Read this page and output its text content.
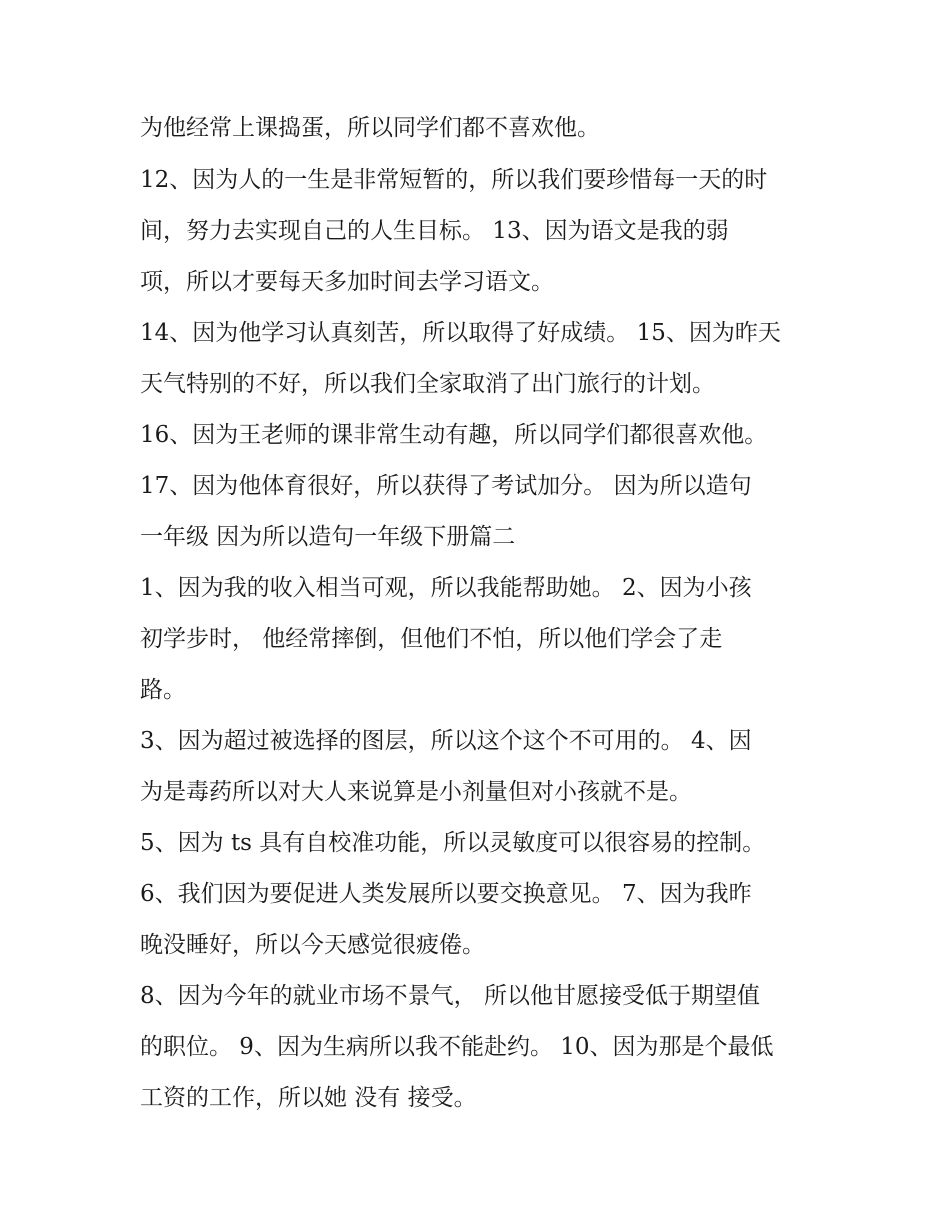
为他经常上课捣蛋，所以同学们都不喜欢他。
12、因为人的一生是非常短暂的，所以我们要珍惜每一天的时
间，努力去实现自己的人生目标。 13、因为语文是我的弱
项，所以才要每天多加时间去学习语文。
14、因为他学习认真刻苦，所以取得了好成绩。 15、因为昨天
天气特别的不好，所以我们全家取消了出门旅行的计划。
16、因为王老师的课非常生动有趣，所以同学们都很喜欢他。
17、因为他体育很好，所以获得了考试加分。 因为所以造句
一年级 因为所以造句一年级下册篇二
1、因为我的收入相当可观，所以我能帮助她。 2、因为小孩
初学步时， 他经常摔倒，但他们不怕，所以他们学会了走
路。
3、因为超过被选择的图层，所以这个这个不可用的。 4、因
为是毒药所以对大人来说算是小剂量但对小孩就不是。
5、因为 ts 具有自校准功能，所以灵敏度可以很容易的控制。
6、我们因为要促进人类发展所以要交换意见。 7、因为我昨
晚没睡好，所以今天感觉很疲倦。
8、因为今年的就业市场不景气， 所以他甘愿接受低于期望值
的职位。 9、因为生病所以我不能赴约。 10、因为那是个最低
工资的工作，所以她 没有 接受。
